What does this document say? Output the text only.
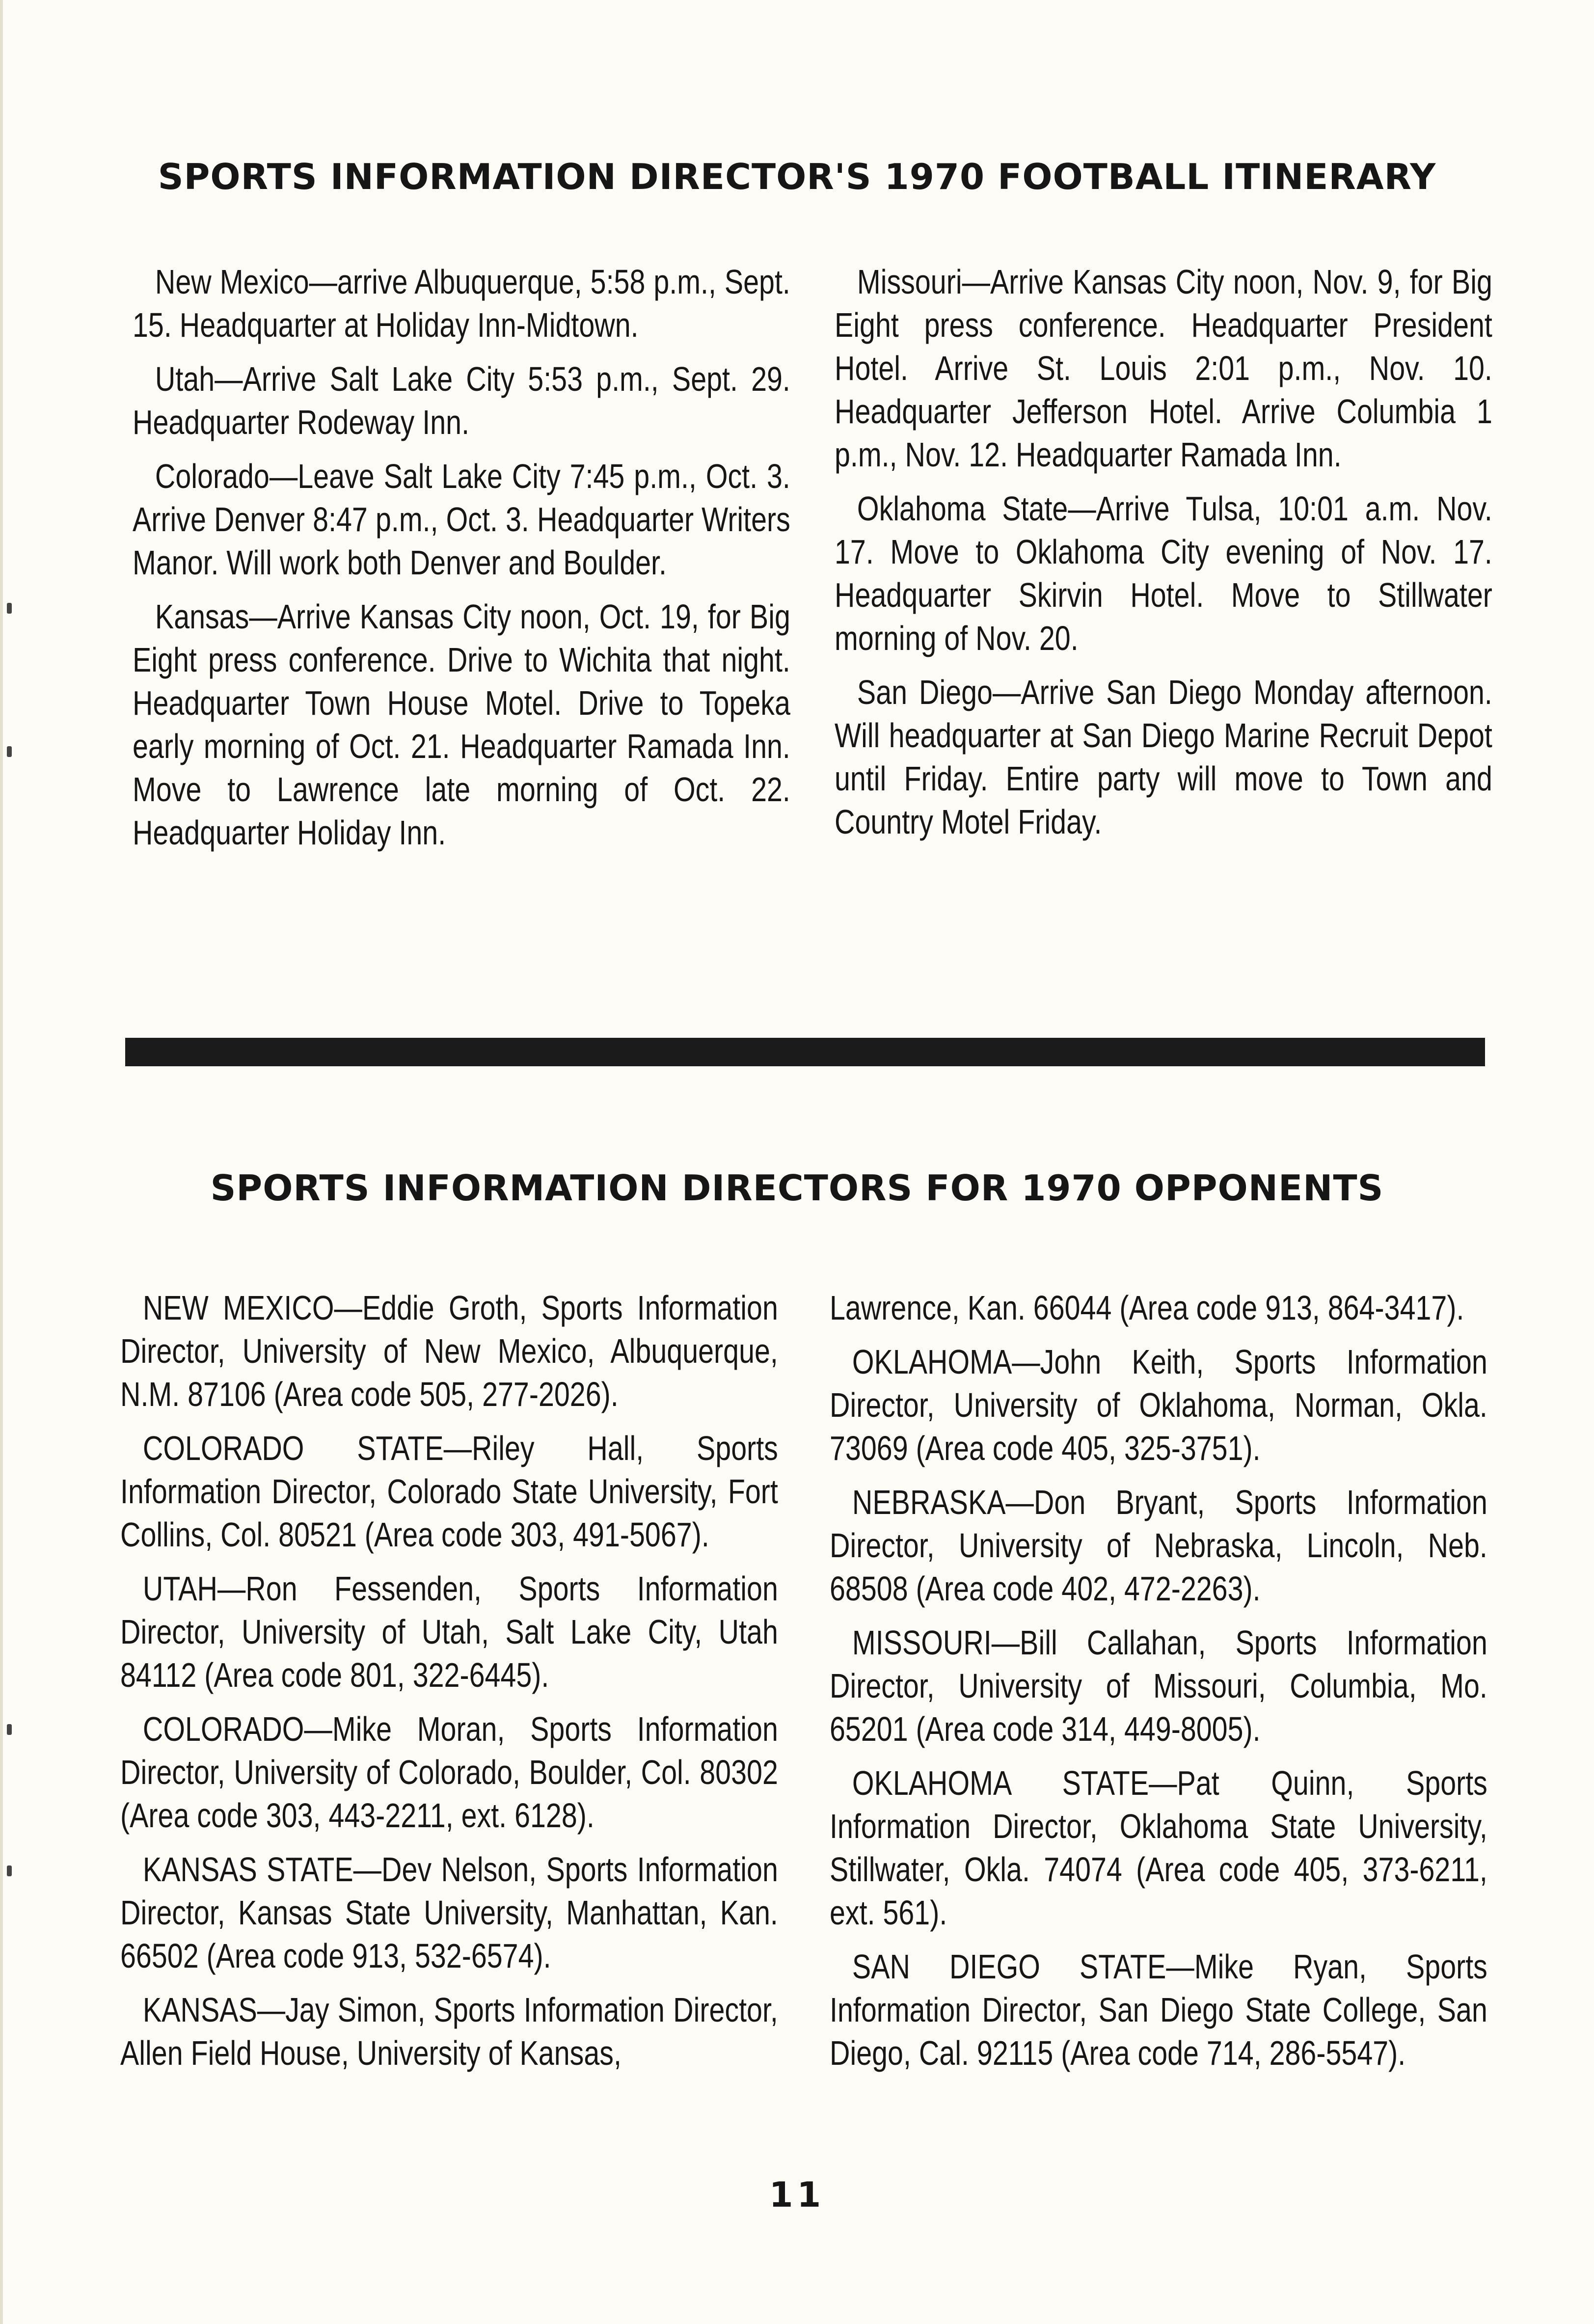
SPORTS INFORMATION DIRECTOR'S 1970 FOOTBALL ITINERARY

New Mexico—arrive Albuquerque, 5:58 p.m., Sept. 15. Headquarter at Holiday Inn-Midtown.

Utah—Arrive Salt Lake City 5:53 p.m., Sept. 29. Headquarter Rodeway Inn.

Colorado—Leave Salt Lake City 7:45 p.m., Oct. 3. Arrive Denver 8:47 p.m., Oct. 3. Headquarter Writers Manor. Will work both Denver and Boulder.

Kansas—Arrive Kansas City noon, Oct. 19, for Big Eight press conference. Drive to Wichita that night. Headquarter Town House Motel. Drive to Topeka early morning of Oct. 21. Headquarter Ramada Inn. Move to Lawrence late morning of Oct. 22. Headquarter Holiday Inn.

Missouri—Arrive Kansas City noon, Nov. 9, for Big Eight press conference. Headquarter President Hotel. Arrive St. Louis 2:01 p.m., Nov. 10. Headquarter Jefferson Hotel. Arrive Columbia 1 p.m., Nov. 12. Headquarter Ramada Inn.

Oklahoma State—Arrive Tulsa, 10:01 a.m. Nov. 17. Move to Oklahoma City evening of Nov. 17. Headquarter Skirvin Hotel. Move to Stillwater morning of Nov. 20.

San Diego—Arrive San Diego Monday afternoon. Will headquarter at San Diego Marine Recruit Depot until Friday. Entire party will move to Town and Country Motel Friday.

SPORTS INFORMATION DIRECTORS FOR 1970 OPPONENTS

NEW MEXICO—Eddie Groth, Sports Information Director, University of New Mexico, Albuquerque, N.M. 87106 (Area code 505, 277-2026).

COLORADO STATE—Riley Hall, Sports Information Director, Colorado State University, Fort Collins, Col. 80521 (Area code 303, 491-5067).

UTAH—Ron Fessenden, Sports Information Director, University of Utah, Salt Lake City, Utah 84112 (Area code 801, 322-6445).

COLORADO—Mike Moran, Sports Information Director, University of Colorado, Boulder, Col. 80302 (Area code 303, 443-2211, ext. 6128).

KANSAS STATE—Dev Nelson, Sports Information Director, Kansas State University, Manhattan, Kan. 66502 (Area code 913, 532-6574).

KANSAS—Jay Simon, Sports Information Director, Allen Field House, University of Kansas,

Lawrence, Kan. 66044 (Area code 913, 864-3417).

OKLAHOMA—John Keith, Sports Information Director, University of Oklahoma, Norman, Okla. 73069 (Area code 405, 325-3751).

NEBRASKA—Don Bryant, Sports Information Director, University of Nebraska, Lincoln, Neb. 68508 (Area code 402, 472-2263).

MISSOURI—Bill Callahan, Sports Information Director, University of Missouri, Columbia, Mo. 65201 (Area code 314, 449-8005).

OKLAHOMA STATE—Pat Quinn, Sports Information Director, Oklahoma State University, Stillwater, Okla. 74074 (Area code 405, 373-6211, ext. 561).

SAN DIEGO STATE—Mike Ryan, Sports Information Director, San Diego State College, San Diego, Cal. 92115 (Area code 714, 286-5547).

11
